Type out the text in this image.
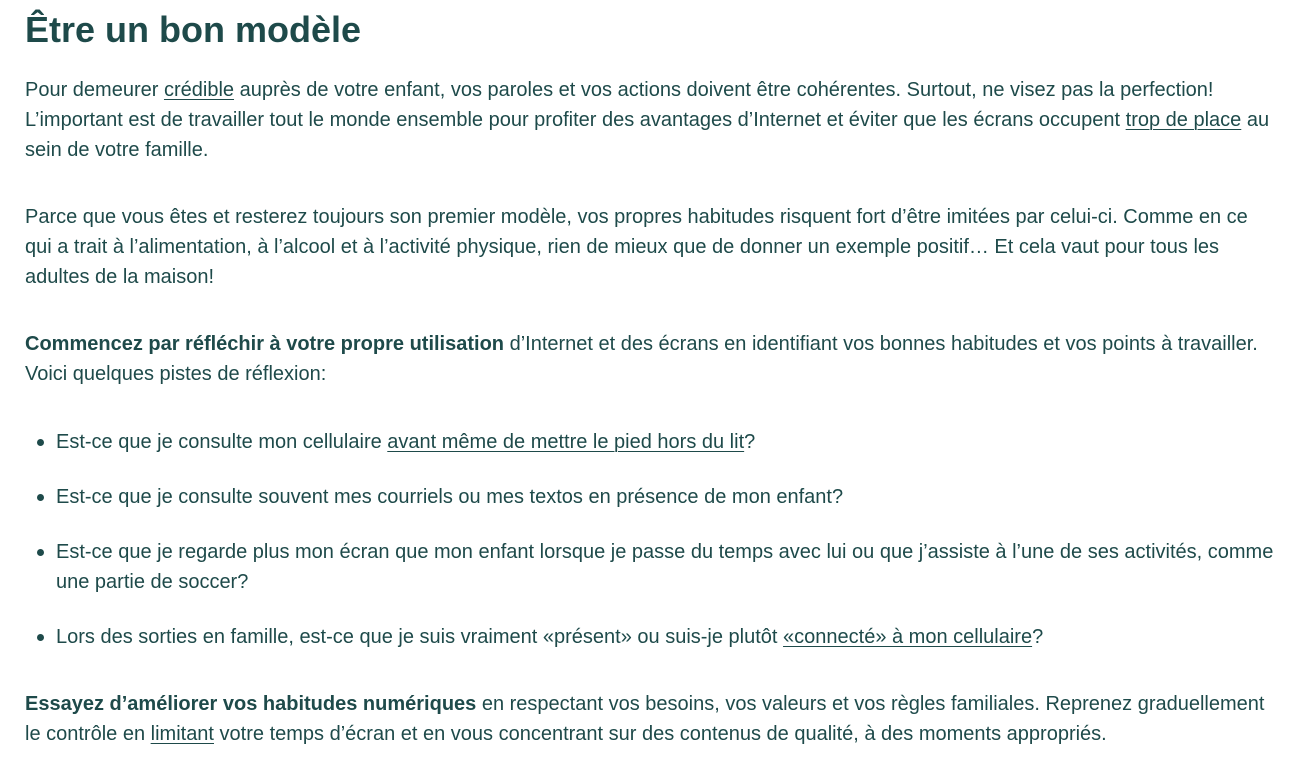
Être un bon modèle

Pour demeurer crédible auprès de votre enfant, vos paroles et vos actions doivent être cohérentes. Surtout, ne visez pas la perfection! L’important est de travailler tout le monde ensemble pour profiter des avantages d’Internet et éviter que les écrans occupent trop de place au sein de votre famille.

Parce que vous êtes et resterez toujours son premier modèle, vos propres habitudes risquent fort d’être imitées par celui-ci. Comme en ce qui a trait à l’alimentation, à l’alcool et à l’activité physique, rien de mieux que de donner un exemple positif… Et cela vaut pour tous les adultes de la maison!

Commencez par réfléchir à votre propre utilisation d’Internet et des écrans en identifiant vos bonnes habitudes et vos points à travailler. Voici quelques pistes de réflexion:

Est-ce que je consulte mon cellulaire avant même de mettre le pied hors du lit?
Est-ce que je consulte souvent mes courriels ou mes textos en présence de mon enfant?
Est-ce que je regarde plus mon écran que mon enfant lorsque je passe du temps avec lui ou que j’assiste à l’une de ses activités, comme une partie de soccer?
Lors des sorties en famille, est-ce que je suis vraiment «présent» ou suis-je plutôt «connecté» à mon cellulaire?

Essayez d’améliorer vos habitudes numériques en respectant vos besoins, vos valeurs et vos règles familiales. Reprenez graduellement le contrôle en limitant votre temps d’écran et en vous concentrant sur des contenus de qualité, à des moments appropriés.
